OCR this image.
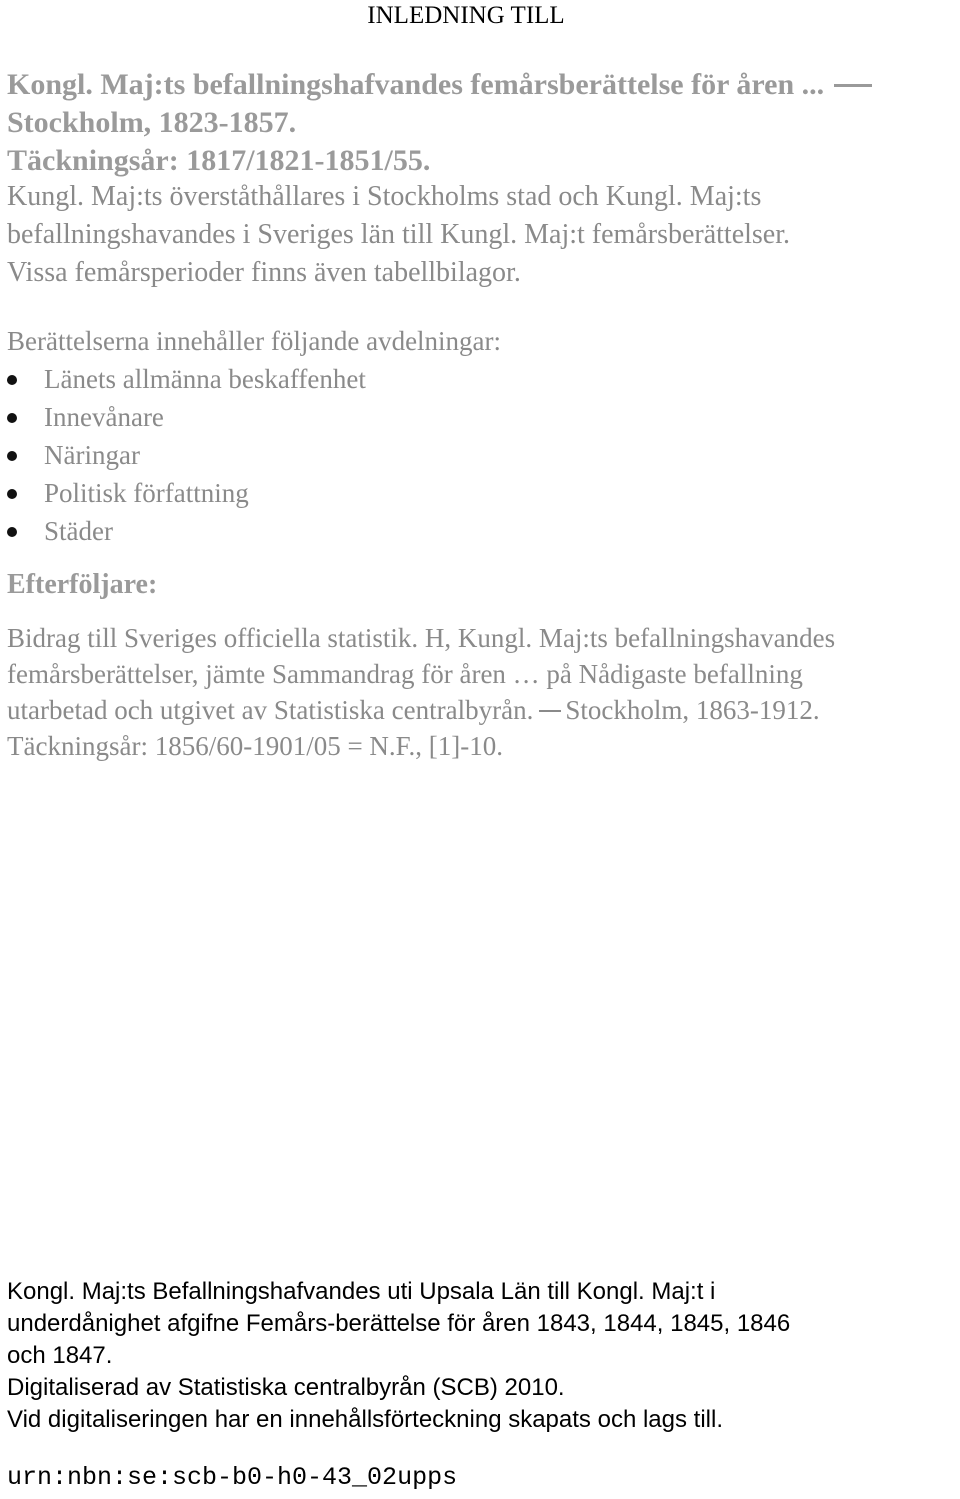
INLEDNING TILL
Kongl. Maj:ts befallningshafvandes femårsberättelse för åren ...
Stockholm, 1823-1857.
Täckningsår: 1817/1821-1851/55.
Kungl. Maj:ts överståthållares i Stockholms stad och Kungl. Maj:ts
befallningshavandes i Sveriges län till Kungl. Maj:t femårsberättelser.
Vissa femårsperioder finns även tabellbilagor.
Berättelserna innehåller följande avdelningar:
Länets allmänna beskaffenhet
Innevånare
Näringar
Politisk författning
Städer
Efterföljare:
Bidrag till Sveriges officiella statistik. H, Kungl. Maj:ts befallningshavandes
femårsberättelser, jämte Sammandrag för åren … på Nådigaste befallning
utarbetad och utgivet av Statistiska centralbyrån. Stockholm, 1863-1912.
Täckningsår: 1856/60-1901/05 = N.F., [1]-10.
Kongl. Maj:ts Befallningshafvandes uti Upsala Län till Kongl. Maj:t i
underdånighet afgifne Femårs-berättelse för åren 1843, 1844, 1845, 1846
och 1847.
Digitaliserad av Statistiska centralbyrån (SCB) 2010.
Vid digitaliseringen har en innehållsförteckning skapats och lags till.
urn:nbn:se:scb-b0-h0-43_02upps
